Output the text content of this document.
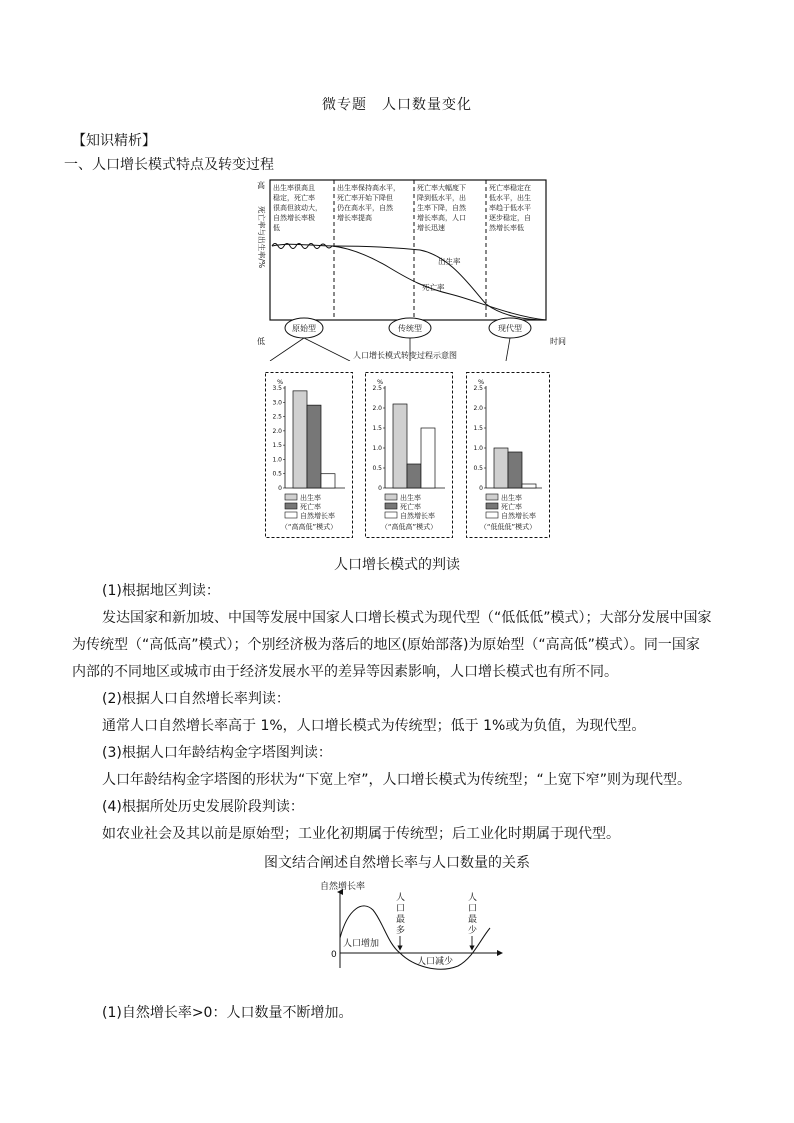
微专题　人口数量变化
【知识精析】
一、人口增长模式特点及转变过程
高
低
死亡率与出生率/%
时间
出生率很高且
稳定，死亡率
很高但波动大，
自然增长率极
低
出生率保持高水平，
死亡率开始下降但
仍在高水平，自然
增长率提高
死亡率大幅度下
降到低水平，出
生率下降，自然
增长率高，人口
增长迅速
死亡率稳定在
低水平，出生
率趋于低水平
逐步稳定，自
然增长率低
出生率
死亡率
原始型	传统型	现代型
人口增长模式转变过程示意图
%
0
0.5
1.0
1.5
2.0
2.5
3.0
3.5
出生率
死亡率
自然增长率
（“高高低”模式）
%
0
0.5
1.0
1.5
2.0
2.5
出生率
死亡率
自然增长率
（“高低高”模式）
%
0
0.5
1.0
1.5
2.0
2.5
出生率
死亡率
自然增长率
（“低低低”模式）
人口增长模式的判读
(1)根据地区判读：
发达国家和新加坡、中国等发展中国家人口增长模式为现代型（“低低低”模式）；大部分发展中国家
为传统型（“高低高”模式）；个别经济极为落后的地区(原始部落)为原始型（“高高低”模式）。同一国家
内部的不同地区或城市由于经济发展水平的差异等因素影响，人口增长模式也有所不同。
(2)根据人口自然增长率判读：
通常人口自然增长率高于 1%，人口增长模式为传统型；低于 1%或为负值，为现代型。
(3)根据人口年龄结构金字塔图判读：
人口年龄结构金字塔图的形状为“下宽上窄”，人口增长模式为传统型；“上宽下窄”则为现代型。
(4)根据所处历史发展阶段判读：
如农业社会及其以前是原始型；工业化初期属于传统型；后工业化时期属于现代型。
图文结合阐述自然增长率与人口数量的关系
自然增长率
0
人口增加
人口减少
人
口
最
多
人
口
最
少
(1)自然增长率>0：人口数量不断增加。
